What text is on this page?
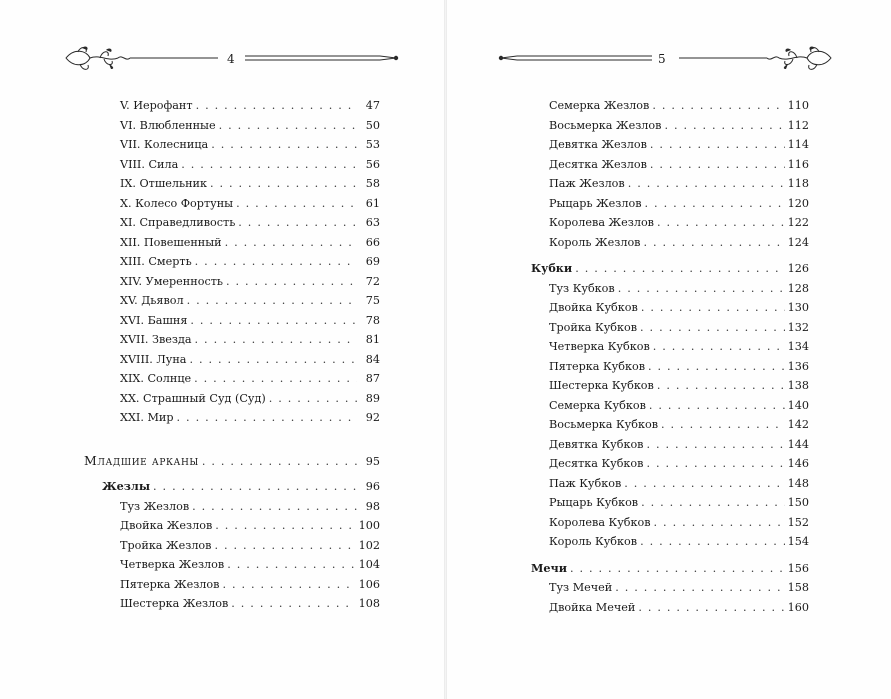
4
V. Иерофант . . .	47
VI. Влюбленные . . .	50
VII. Колесница . . .	53
VIII. Сила . . .	56
IX. Отшельник . . .	58
X. Колесо Фортуны . . .	61
XI. Справедливость . . .	63
XII. Повешенный . . .	66
XIII. Смерть . . .	69
XIV. Умеренность . . .	72
XV. Дьявол . . .	75
XVI. Башня . . .	78
XVII. Звезда . . .	81
XVIII. Луна . . .	84
XIX. Солнце . . .	87
XX. Страшный Суд (Суд) . . .	89
XXI. Мир . . .	92
Младшие арканы . . .	95
Жезлы . . .	96
Туз Жезлов . . .	98
Двойка Жезлов . . .	100
Тройка Жезлов . . .	102
Четверка Жезлов . . .	104
Пятерка Жезлов . . .	106
Шестерка Жезлов . . .	108
5
Семерка Жезлов . . .	110
Восьмерка Жезлов . . .	112
Девятка Жезлов . . .	114
Десятка Жезлов . . .	116
Паж Жезлов . . .	118
Рыцарь Жезлов . . .	120
Королева Жезлов . . .	122
Король Жезлов . . .	124
Кубки . . .	126
Туз Кубков . . .	128
Двойка Кубков . . .	130
Тройка Кубков . . .	132
Четверка Кубков . . .	134
Пятерка Кубков . . .	136
Шестерка Кубков . . .	138
Семерка Кубков . . .	140
Восьмерка Кубков . . .	142
Девятка Кубков . . .	144
Десятка Кубков . . .	146
Паж Кубков . . .	148
Рыцарь Кубков . . .	150
Королева Кубков . . .	152
Король Кубков . . .	154
Мечи . . .	156
Туз Мечей . . .	158
Двойка Мечей . . .	160
